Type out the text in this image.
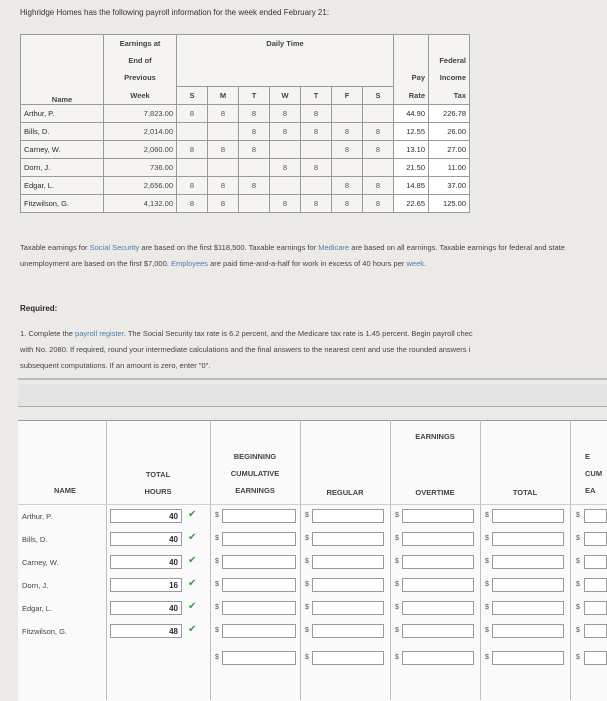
Highridge Homes has the following payroll information for the week ended February 21:
Name	Earnings at	Daily Time								
	End of									Federal
	Previous								Pay	Income
	Week	S	M	T	W	T	F	S	Rate	Tax
Arthur, P.	7,823.00	8	8	8	8	8			44.90	226.78
Bills, D.	2,014.00			8	8	8	8	8	12.55	26.00
Carney, W.	2,060.00	8	8	8			8	8	13.10	27.00
Dorn, J.	736.00				8	8			21.50	11.00
Edgar, L.	2,656.00	8	8	8			8	8	14.85	37.00
Fitzwilson, G.	4,132.00	8	8		8	8	8	8	22.65	125.00
Taxable earnings for Social Security are based on the first $118,500. Taxable earnings for Medicare are based on all earnings. Taxable earnings for federal and state unemployment are based on the first $7,000. Employees are paid time-and-a-half for work in excess of 40 hours per week.
Required:
1. Complete the payroll register. The Social Security tax rate is 6.2 percent, and the Medicare tax rate is 1.45 percent. Begin payroll chec
with No. 2080. If required, round your intermediate calculations and the final answers to the nearest cent and use the rounded answers i
subsequent computations. If an amount is zero, enter "0".
EARNINGS
E
CUM
EA
NAME
TOTAL
HOURS
BEGINNING
CUMULATIVE
EARNINGS	REGULAR	OVERTIME	TOTAL
Arthur, P.	40	✔	$	$	$	$	$
Bills, D.	40	✔	$	$	$	$	$
Carney, W.	40	✔	$	$	$	$	$
Dorn, J.	16	✔	$	$	$	$	$
Edgar, L.	40	✔	$	$	$	$	$
Fitzwilson, G.	48	✔	$	$	$	$	$
$	$	$	$	$
